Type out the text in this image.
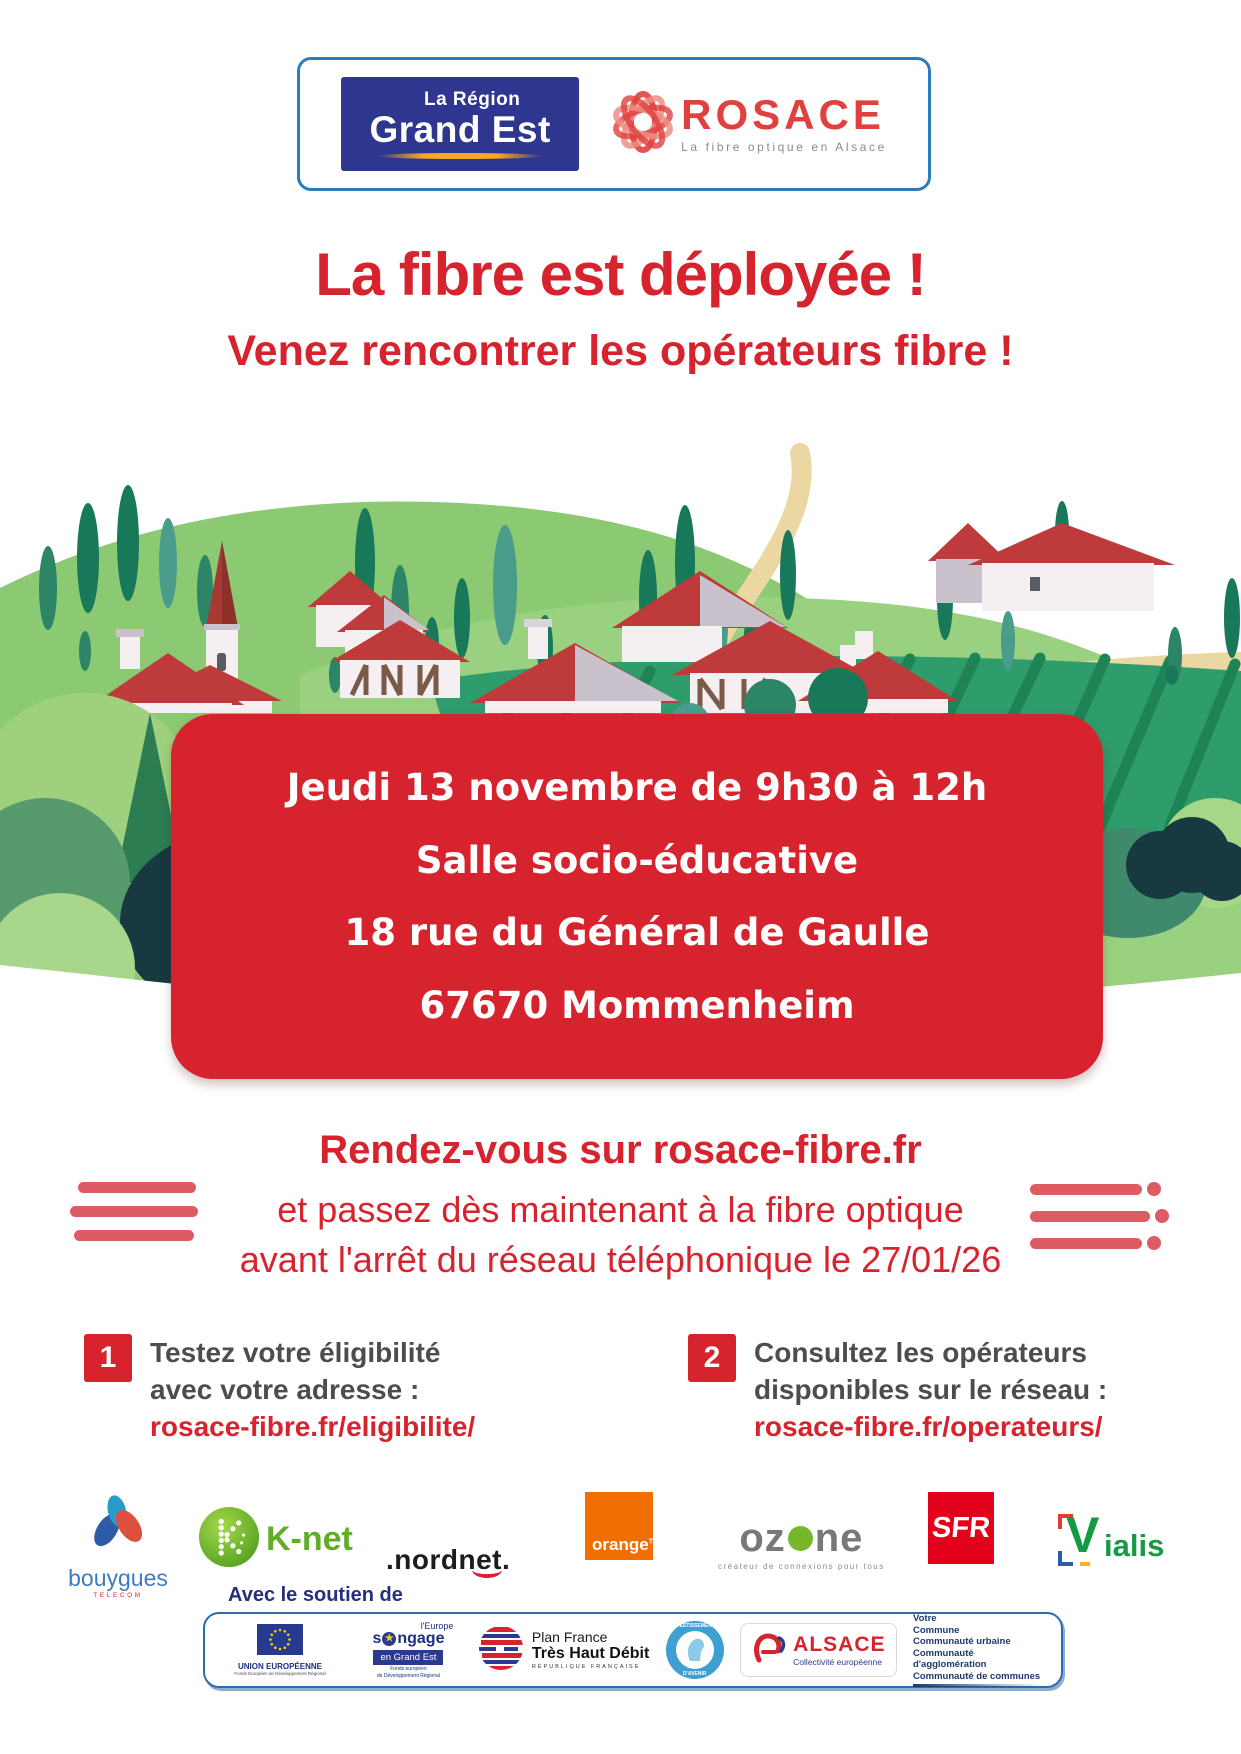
La Région
Grand Est	ROSACE
La fibre optique en Alsace
La fibre est déployée !
Venez rencontrer les opérateurs fibre !
Jeudi 13 novembre de 9h30 à 12h
Salle socio-éducative
18 rue du Général de Gaulle
67670 Mommenheim
Rendez-vous sur rosace-fibre.fr
et passez dès maintenant à la fibre optique
avant l'arrêt du réseau téléphonique le 27/01/26
1	Testez votre éligibilité
avec votre adresse :
rosace-fibre.fr/eligibilite/
2	Consultez les opérateurs
disponibles sur le réseau :
rosace-fibre.fr/operateurs/
bouygues
TELECOM
K-net
.nordnet.	orange™ oz ne
créateur de connexions pour tous
SFR V ialis
Avec le soutien de
UNION EUROPÉENNE
Fonds Européen de Développement Régional
l'Europe
s ★ ngage
en Grand Est
Fonds européen
de Développement Régional
Plan France
Très Haut Débit
RÉPUBLIQUE FRANÇAISE
INVESTISSEMENTS
D'AVENIR
ALSACE
Collectivité européenne
Votre
Commune
Communauté urbaine
Communauté d'agglomération
Communauté de communes
